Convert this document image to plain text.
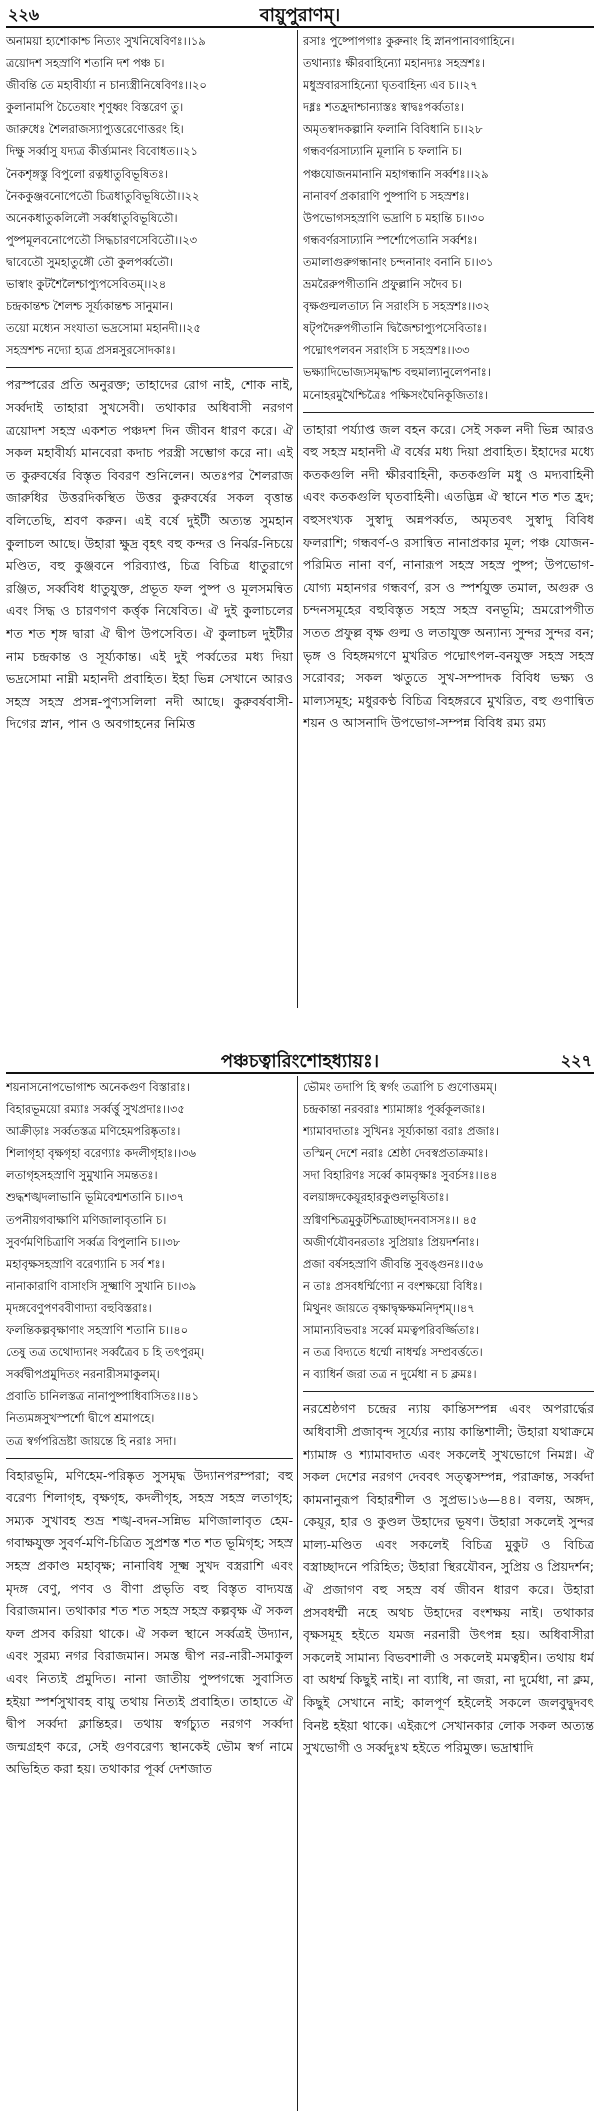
২২৬	বায়ুপুরাণম্।
অনাময়া হ্যশোকাশ্চ নিত্যং সুখনিষেবিণঃ।।১৯
ত্রয়োদশ সহস্রাণি শতানি দশ পঞ্চ চ।
জীবন্তি তে মহাবীর্য্যা ন চান্যস্ত্রীনিষেবিণঃ।।২০
কুলানামপি চৈতেষাং শৃণুধ্বং বিস্তরেণ তু।
জারুধেঃ শৈলরাজস্যাপ্যুত্তরেণোত্তরং হি।
দিক্ষু সর্ব্বাসু যদ্যত্র কীর্ত্ত্যমানং বিবোধত।।২১
নৈকশৃঙ্গস্তু বিপুলো রত্নধাতুবিভূষিতঃ।
নৈককুঞ্জবনোপেতৌ চিত্রধাতুবিভূষিতৌ।।২২
অনেকধাতুকলিলৌ সর্ব্বধাতুবিভূষিতৌ।
পুষ্পমূলবনোপেতৌ সিদ্ধচারণসেবিতৌ।।২৩
দ্বাবেতৌ সুমহাতুঙ্গৌ তৌ কুলপর্ব্বতৌ।
ভাস্বাং কুটশৈলৈশ্চাপ্যুপসেবিতম্।।২৪
চন্দ্রকান্তশ্চ শৈলশ্চ সূর্য্যকান্তশ্চ সানুমান।
তয়ো মধ্যেন সংযাতা ভদ্রসোমা মহানদী।।২৫
সহস্রশশ্চ নদ্যো হ্যত্র প্রসন্নসুরসোদকাঃ।

পরস্পরের প্রতি অনুরক্ত; তাহাদের রোগ নাই, শোক নাই, সর্ব্বদাই তাহারা সুখসেবী। তথাকার অধিবাসী নরগণ ত্রয়োদশ সহস্র একশত পঞ্চদশ দিন জীবন ধারণ করে। ঐ সকল মহাবীর্য্য মানবেরা কদাচ পরস্ত্রী সম্ভোগ করে না। এই ত কুরুবর্ষের বিস্তৃত বিবরণ শুনিলেন। অতঃপর শৈলরাজ জারুধির উত্তরদিকস্থিত উত্তর কুরুবর্ষের সকল বৃত্তান্ত বলিতেছি, শ্রবণ করুন। এই বর্ষে দুইটী অত্যন্ত সুমহান কুলাচল আছে। উহারা ক্ষুদ্র বৃহৎ বহু কন্দর ও নির্ঝর-নিচয়ে মণ্ডিত, বহু কুঞ্জবনে পরিব্যাপ্ত, চিত্র বিচিত্র ধাতুরাগে রঞ্জিত, সর্ব্ববিধ ধাতুযুক্ত, প্রভূত ফল পুষ্প ও মূলসমন্বিত এবং সিদ্ধ ও চারণগণ কর্ত্তৃক নিষেবিত। ঐ দুই কুলাচলের শত শত শৃঙ্গ দ্বারা ঐ দ্বীপ উপসেবিত। ঐ কুলাচল দুইটীর নাম চন্দ্রকান্ত ও সূর্য্যকান্ত। এই দুই পর্ব্বতের মধ্য দিয়া ভদ্রসোমা নাম্নী মহানদী প্রবাহিত। ইহা ভিন্ন সেখানে আরও সহস্র সহস্র প্রসন্ন-পুণ্যসলিলা নদী আছে। কুরুবর্ষবাসী-দিগের স্নান, পান ও অবগাহনের নিমিত্ত

রসাঃ পুষ্পোপগাঃ কুরুনাং হি স্নানপানাবগাহিনে।
তথান্যাঃ ক্ষীরবাহিন্যো মহানদ্যঃ সহস্রশঃ।
মধুস্রবারসাহিন্যো ঘৃতবাহিন্য এব চ।।২৭
দধ্নঃ শতহ্রদাশ্চান্যাস্তঃ স্বাদ্বঃপর্ব্বতাঃ।
অমৃতস্বাদকল্পানি ফলানি বিবিধানি চ।।২৮
গন্ধবর্ণরসাঢ্যানি মূলানি চ ফলানি চ।
পঞ্চযোজনমানানি মহাগন্ধানি সর্ব্বশঃ।।২৯
নানাবর্ণ প্রকারাণি পুষ্পাণি চ সহস্রশঃ।
উপভোগসহস্রাণি ভদ্রাণি চ মহান্তি চ।।৩০
গন্ধবর্ণরসাঢ্যানি স্পর্শোপেতানি সর্ব্বশঃ।
তমালাগুরুগন্ধানাং চন্দনানাং বনানি চ।।৩১
ভ্রমরৈরুপগীতানি প্রফুল্লানি সদৈব চ।
বৃক্ষগুল্মলতাঢ্য নি সরাংসি চ সহস্রশঃ।।৩২
ষট্পদৈরুপগীতানি দ্বিজৈশ্চাপ্যুপসেবিতাঃ।
পদ্মোৎপলবন সরাংসি চ সহস্রশঃ।।৩৩
ভক্ষ্যাদিভোজ্যসমৃদ্ধাশ্চ বহুমাল্যানুলেপনাঃ।
মনোহরমুখৈশ্চিত্রৈঃ পক্ষিসংঘৈনিকূজিতাঃ।

তাহারা পর্য্যাপ্ত জল বহন করে। সেই সকল নদী ভিন্ন আরও বহু সহস্র মহানদী ঐ বর্ষের মধ্য দিয়া প্রবাহিত। ইহাদের মধ্যে কতকগুলি নদী ক্ষীরবাহিনী, কতকগুলি মধু ও মদ্যবাহিনী এবং কতকগুলি ঘৃতবাহিনী। এতদ্ভিন্ন ঐ স্থানে শত শত হ্রদ; বহুসংখ্যক সুস্বাদু অন্নপর্ব্বত, অমৃতবৎ সুস্বাদু বিবিধ ফলরাশি; গন্ধবর্ণ-ও রসান্বিত নানাপ্রকার মূল; পঞ্চ যোজন-পরিমিত নানা বর্ণ, নানারূপ সহস্র সহস্র পুষ্প; উপভোগ-যোগ্য মহানগর গন্ধবর্ণ, রস ও স্পর্শযুক্ত তমাল, অগুরু ও চন্দনসমূহের বহুবিস্তৃত সহস্র সহস্র বনভূমি; ভ্রমরোপগীত সতত প্রফুল্ল বৃক্ষ গুল্ম ও লতাযুক্ত অন্যান্য সুন্দর সুন্দর বন; ভৃঙ্গ ও বিহঙ্গমগণে মুখরিত পদ্মোৎপল-বনযুক্ত সহস্র সহস্র সরোবর; সকল ঋতুতে সুখ-সম্পাদক বিবিধ ভক্ষ্য ও মাল্যসমূহ; মধুরকণ্ঠ বিচিত্র বিহঙ্গরবে মুখরিত, বহু গুণান্বিত শয়ন ও আসনাদি উপভোগ-সম্পন্ন বিবিধ রম্য রম্য

পঞ্চচত্বারিংশোহধ্যায়ঃ।	২২৭
শয়নাসনোপভোগাশ্চ অনেকগুণ বিস্তারাঃ।
বিহারভূময়ো রম্যাঃ সর্ব্বর্ত্তু সুখপ্রদাঃ।।৩৫
আক্রীড়াঃ সর্ব্বতস্তত্র মণিহেমপরিষ্কৃতাঃ।
শিলাগৃহা বৃক্ষগৃহা বরেণ্যাঃ কদলীগৃহাঃ।।৩৬
লতাগৃহসহস্রাণি সুমুখানি সমন্ততঃ।
শুদ্ধশঙ্খদলাভানি ভূমিবেশ্মশতানি চ।।৩৭
তপনীয়গবাক্ষাণি মণিজালাবৃতানি চ।
সুবর্ণমণিচিত্রাণি সর্ব্বত্র বিপুলানি চ।।৩৮
মহাবৃক্ষসহস্রাণি বরেণ্যানি চ সর্ব শঃ।
নানাকারাণি বাসাংসি সূক্ষ্মাণি সুখানি চ।।৩৯
মৃদঙ্গবেণুপণববীণাদ্যা বহুবিস্তরাঃ।
ফলন্তিকল্পবৃক্ষাণাং সহস্রাণি শতানি চ।।৪০
তেষু তত্র তথোদ্যানং সর্ব্বত্রৈব চ হি তৎপুরম্।
সর্ব্বদ্বীপপ্রমুদিতং নরনারীসমাকুলম্।
প্রবাতি চানিলস্তত্র নানাপুষ্পাধিবাসিতঃ।।৪১
নিত্যমঙ্গসুখস্পর্শো দ্বীপে শ্রমাপহে।
তত্র স্বর্গপরিভ্রষ্টা জায়ন্তে হি নরাঃ সদা।

বিহারভূমি, মণিহেম-পরিষ্কৃত সুসমৃদ্ধ উদ্যানপরম্পরা; বহু বরেণ্য শিলাগৃহ, বৃক্ষগৃহ, কদলীগৃহ, সহস্র সহস্র লতাগৃহ; সম্যক সুখাবহ শুভ্র শঙ্খ-বদন-সন্নিভ মণিজালাবৃত হেম-গবাক্ষযুক্ত সুবর্ণ-মণি-চিত্রিত সুপ্রশস্ত শত শত ভূমিগৃহ; সহস্র সহস্র প্রকাণ্ড মহাবৃক্ষ; নানাবিধ সূক্ষ্ম সুখদ বস্ত্ররাশি এবং মৃদঙ্গ বেণু, পণব ও বীণা প্রভৃতি বহু বিস্তৃত বাদ্যযন্ত্র বিরাজমান। তথাকার শত শত সহস্র সহস্র কল্পবৃক্ষ ঐ সকল ফল প্রসব করিয়া থাকে। ঐ সকল স্থানে সর্ব্বত্রই উদ্যান, এবং সুরম্য নগর বিরাজমান। সমস্ত দ্বীপ নর-নারী-সমাকুল এবং নিত্যই প্রমুদিত। নানা জাতীয় পুষ্পগন্ধে সুবাসিত হইয়া স্পর্শসুখাবহ বায়ু তথায় নিত্যই প্রবাহিত। তাহাতে ঐ দ্বীপ সর্ব্বদা ক্লান্তিহর। তথায় স্বর্গচ্যুত নরগণ সর্ব্বদা জন্মগ্রহণ করে, সেই গুণবরেণ্য স্থানকেই ভৌম স্বর্গ নামে অভিহিত করা হয়। তথাকার পূর্ব্ব দেশজাত

ভৌমং তদাপি হি স্বর্গং তত্রাপি চ গুণোত্তমম্।
চন্দ্রকান্তা নরবরাঃ শ্যামাঙ্গাঃ পূর্ব্বকূলজাঃ।
শ্যামাবদাতাঃ সুখিনঃ সূর্য্যকান্তা বরাঃ প্রজাঃ।
তস্মিন্ দেশে নরাঃ শ্রেষ্ঠা দেবস্বপ্রতাক্রমাঃ।
সদা বিহারিণঃ সর্ব্বে কামবৃক্ষাঃ সুবর্চসঃ।।৪৪
বলয়াঙ্গদকেয়ূরহারকুণ্ডলভূষিতাঃ।
স্রগ্বিণশ্চিত্রমুকুটশ্চিত্রাচ্ছাদনবাসসঃ।। ৪৫
অজীর্ণযৌবনরতাঃ সুপ্রিয়াঃ প্রিয়দর্শনাঃ।
প্রজা বর্ষসহস্রাণি জীবন্তি সুবঙ্গুনঃ।।৫৬
ন তাঃ প্রসবধর্ম্মিণ্যো ন বংশক্ষয়ো বিধিঃ।
মিথুনং জায়তে বৃক্ষাদ্বৃক্ষক্ষমনিদৃশম্।।৪৭
সামান্যবিভবাঃ সর্ব্বে মমত্বপরিবর্জ্জিতাঃ।
ন তত্র বিদ্যতে ধর্ম্মো নাধর্ম্মঃ সম্প্রবর্ত্ততে।
ন ব্যাধির্ন জরা তত্র ন দুর্মেধা ন চ ক্লমঃ।

নরশ্রেষ্ঠগণ চন্দ্রের ন্যায় কান্তিসম্পন্ন এবং অপরার্দ্ধের অধিবাসী প্রজাবৃন্দ সূর্য্যের ন্যায় কান্তিশালী; উহারা যথাক্রমে শ্যামাঙ্গ ও শ্যামাবদাত এবং সকলেই সুখভোগে নিমগ্ন। ঐ সকল দেশের নরগণ দেববৎ সত্ত্বসম্পন্ন, পরাক্রান্ত, সর্ব্বদা কামনানুরূপ বিহারশীল ও সুপ্রভ।১৬—৪৪। বলয়, অঙ্গদ, কেয়ূর, হার ও কুণ্ডল উহাদের ভূষণ। উহারা সকলেই সুন্দর মাল্য-মণ্ডিত এবং সকলেই বিচিত্র মুকুট ও বিচিত্র বস্ত্রাচ্ছাদনে পরিহিত; উহারা স্থিরযৌবন, সুপ্রিয় ও প্রিয়দর্শন; ঐ প্রজাগণ বহু সহস্র বর্ষ জীবন ধারণ করে। উহারা প্রসবধর্ম্মী নহে অথচ উহাদের বংশক্ষয় নাই। তথাকার বৃক্ষসমূহ হইতে যমজ নরনারী উৎপন্ন হয়। অধিবাসীরা সকলেই সামান্য বিভবশালী ও সকলেই মমত্বহীন। তথায় ধর্ম বা অধর্ম্ম কিছুই নাই। না ব্যাধি, না জরা, না দুর্মেধা, না ক্লম, কিছুই সেখানে নাই; কালপূর্ণ হইলেই সকলে জলবুদ্বুদবৎ বিনষ্ট হইয়া থাকে। এইরূপে সেখানকার লোক সকল অত্যন্ত সুখভোগী ও সর্ব্বদুঃখ হইতে পরিমুক্ত। ভদ্রাশ্বাদি
